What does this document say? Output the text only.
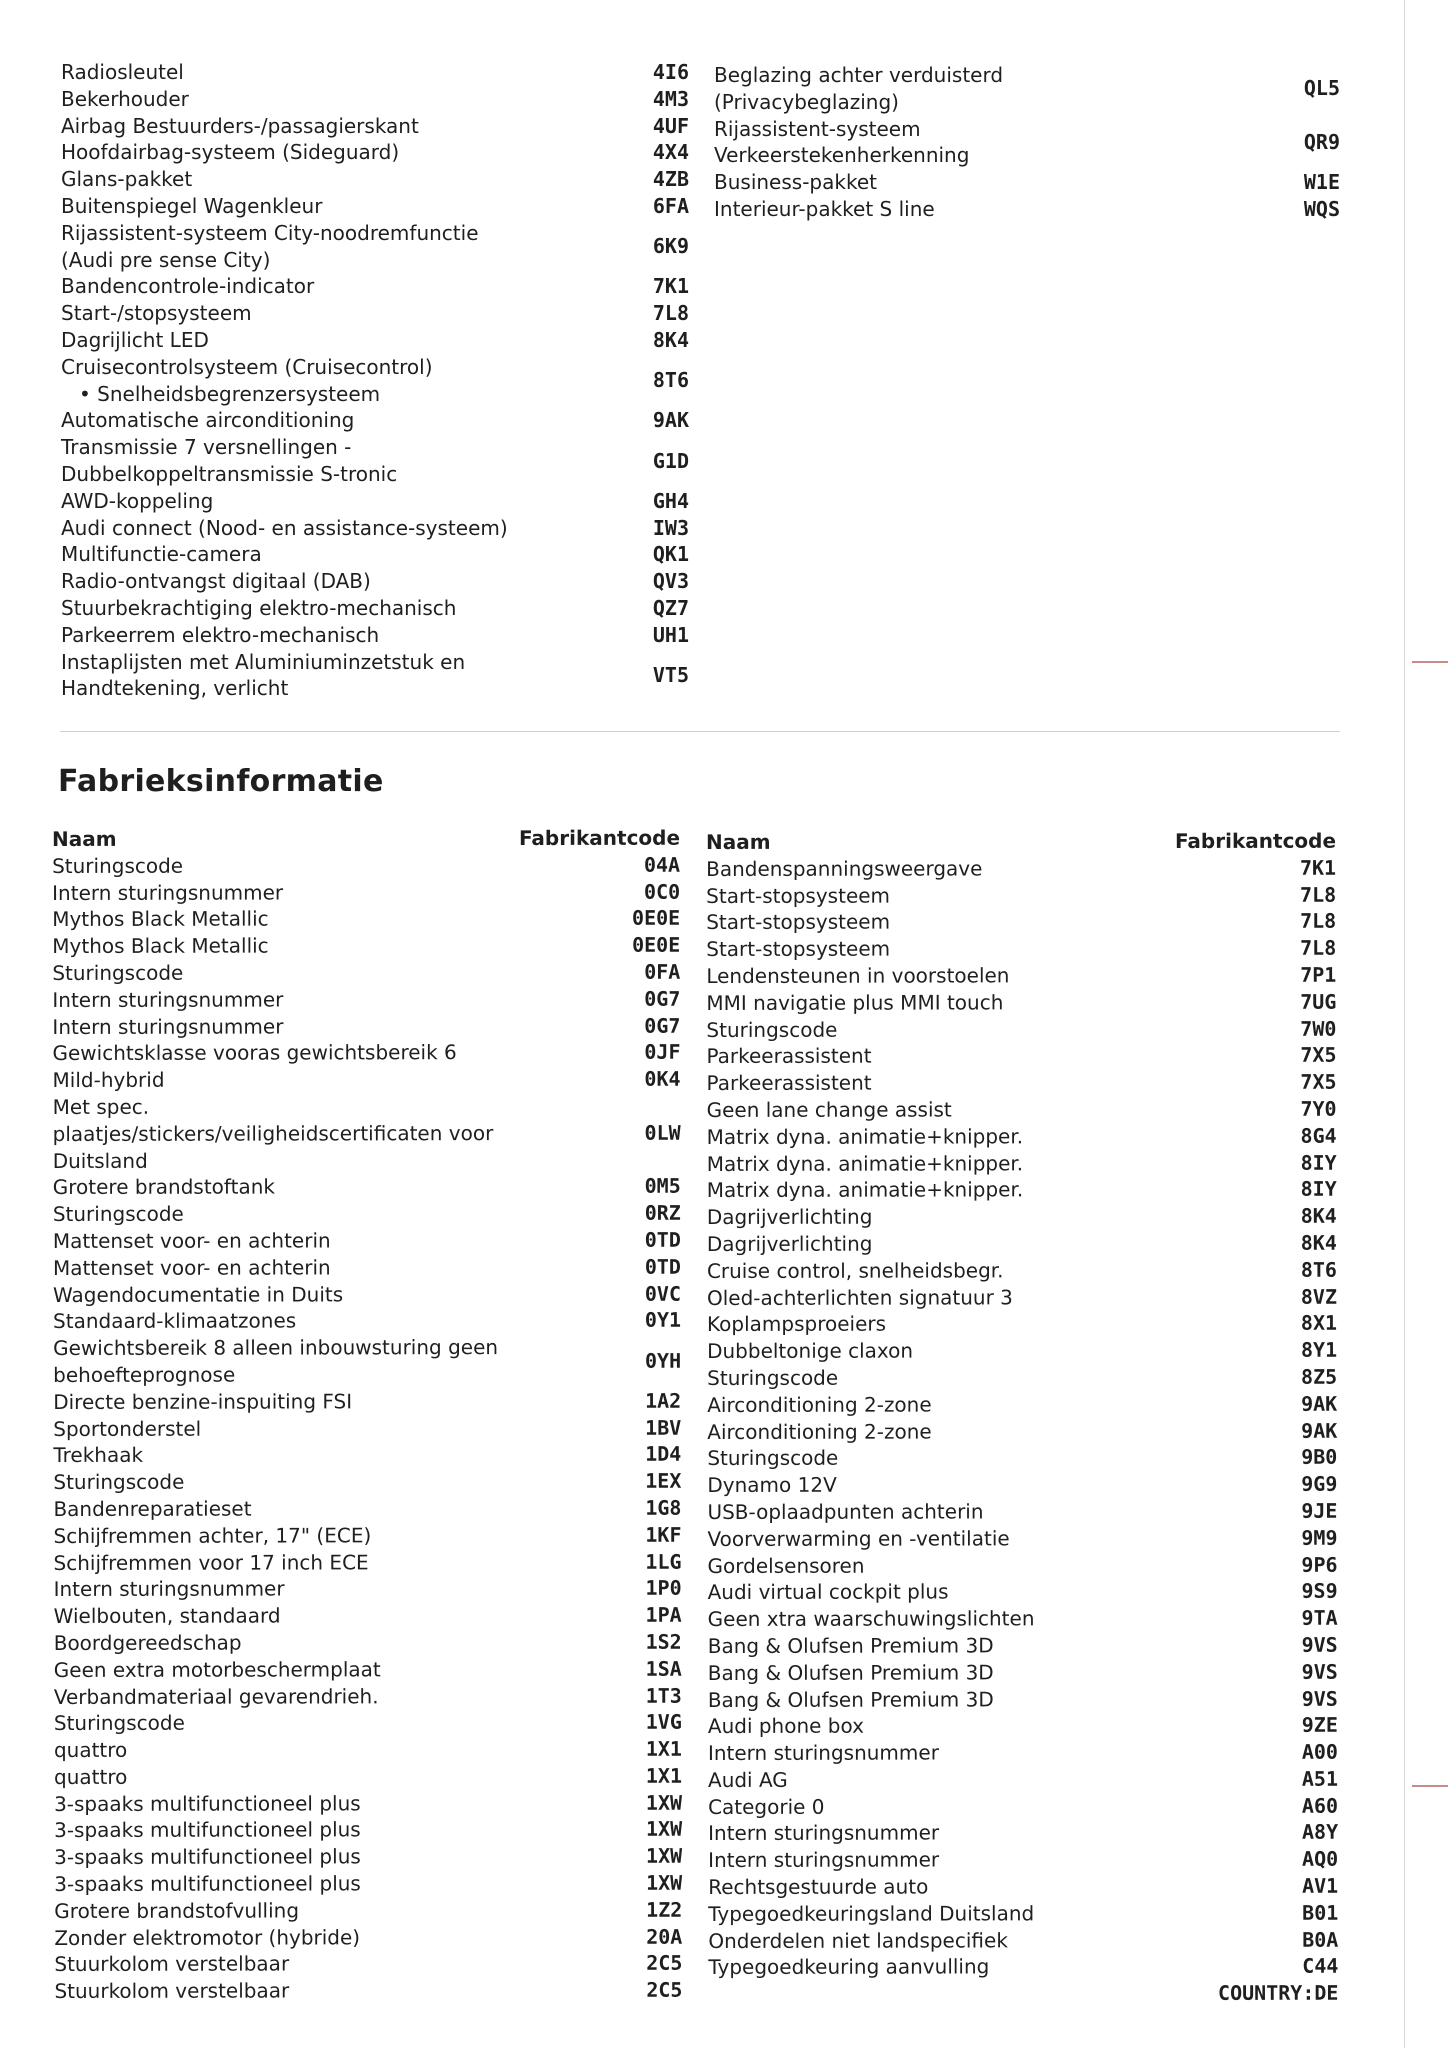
Radiosleutel	4I6
Bekerhouder	4M3
Airbag Bestuurders-/passagierskant	4UF
Hoofdairbag-systeem (Sideguard)	4X4
Glans-pakket	4ZB
Buitenspiegel Wagenkleur	6FA
Rijassistent-systeem City-noodremfunctie
(Audi pre sense City)
6K9
Bandencontrole-indicator	7K1
Start-/stopsysteem	7L8
Dagrijlicht LED	8K4
Cruisecontrolsysteem (Cruisecontrol)
• Snelheidsbegrenzersysteem
8T6
Automatische airconditioning	9AK
Transmissie 7 versnellingen -
Dubbelkoppeltransmissie S-tronic
G1D
AWD-koppeling	GH4
Audi connect (Nood- en assistance-systeem)	IW3
Multifunctie-camera	QK1
Radio-ontvangst digitaal (DAB)	QV3
Stuurbekrachtiging elektro-mechanisch	QZ7
Parkeerrem elektro-mechanisch	UH1
Instaplijsten met Aluminiuminzetstuk en
Handtekening, verlicht
VT5
Beglazing achter verduisterd
(Privacybeglazing)
QL5
Rijassistent-systeem
Verkeerstekenherkenning
QR9
Business-pakket	W1E
Interieur-pakket S line	WQS
Fabrieksinformatie
Naam	Fabrikantcode
Sturingscode	04A
Intern sturingsnummer	0C0
Mythos Black Metallic	0E0E
Mythos Black Metallic	0E0E
Sturingscode	0FA
Intern sturingsnummer	0G7
Intern sturingsnummer	0G7
Gewichtsklasse vooras gewichtsbereik 6	0JF
Mild-hybrid	0K4
Met spec.
plaatjes/stickers/veiligheidscertificaten voor
Duitsland
0LW
Grotere brandstoftank	0M5
Sturingscode	0RZ
Mattenset voor- en achterin	0TD
Mattenset voor- en achterin	0TD
Wagendocumentatie in Duits	0VC
Standaard-klimaatzones	0Y1
Gewichtsbereik 8 alleen inbouwsturing geen
behoefteprognose
0YH
Directe benzine-inspuiting FSI	1A2
Sportonderstel	1BV
Trekhaak	1D4
Sturingscode	1EX
Bandenreparatieset	1G8
Schijfremmen achter, 17" (ECE)	1KF
Schijfremmen voor 17 inch ECE	1LG
Intern sturingsnummer	1P0
Wielbouten, standaard	1PA
Boordgereedschap	1S2
Geen extra motorbeschermplaat	1SA
Verbandmateriaal gevarendrieh.	1T3
Sturingscode	1VG
quattro	1X1
quattro	1X1
3-spaaks multifunctioneel plus	1XW
3-spaaks multifunctioneel plus	1XW
3-spaaks multifunctioneel plus	1XW
3-spaaks multifunctioneel plus	1XW
Grotere brandstofvulling	1Z2
Zonder elektromotor (hybride)	20A
Stuurkolom verstelbaar	2C5
Stuurkolom verstelbaar	2C5
Naam	Fabrikantcode
Bandenspanningsweergave	7K1
Start-stopsysteem	7L8
Start-stopsysteem	7L8
Start-stopsysteem	7L8
Lendensteunen in voorstoelen	7P1
MMI navigatie plus MMI touch	7UG
Sturingscode	7W0
Parkeerassistent	7X5
Parkeerassistent	7X5
Geen lane change assist	7Y0
Matrix dyna. animatie+knipper.	8G4
Matrix dyna. animatie+knipper.	8IY
Matrix dyna. animatie+knipper.	8IY
Dagrijverlichting	8K4
Dagrijverlichting	8K4
Cruise control, snelheidsbegr.	8T6
Oled-achterlichten signatuur 3	8VZ
Koplampsproeiers	8X1
Dubbeltonige claxon	8Y1
Sturingscode	8Z5
Airconditioning 2-zone	9AK
Airconditioning 2-zone	9AK
Sturingscode	9B0
Dynamo 12V	9G9
USB-oplaadpunten achterin	9JE
Voorverwarming en -ventilatie	9M9
Gordelsensoren	9P6
Audi virtual cockpit plus	9S9
Geen xtra waarschuwingslichten	9TA
Bang & Olufsen Premium 3D	9VS
Bang & Olufsen Premium 3D	9VS
Bang & Olufsen Premium 3D	9VS
Audi phone box	9ZE
Intern sturingsnummer	A00
Audi AG	A51
Categorie 0	A60
Intern sturingsnummer	A8Y
Intern sturingsnummer	AQ0
Rechtsgestuurde auto	AV1
Typegoedkeuringsland Duitsland	B01
Onderdelen niet landspecifiek	B0A
Typegoedkeuring aanvulling	C44
COUNTRY:DE
